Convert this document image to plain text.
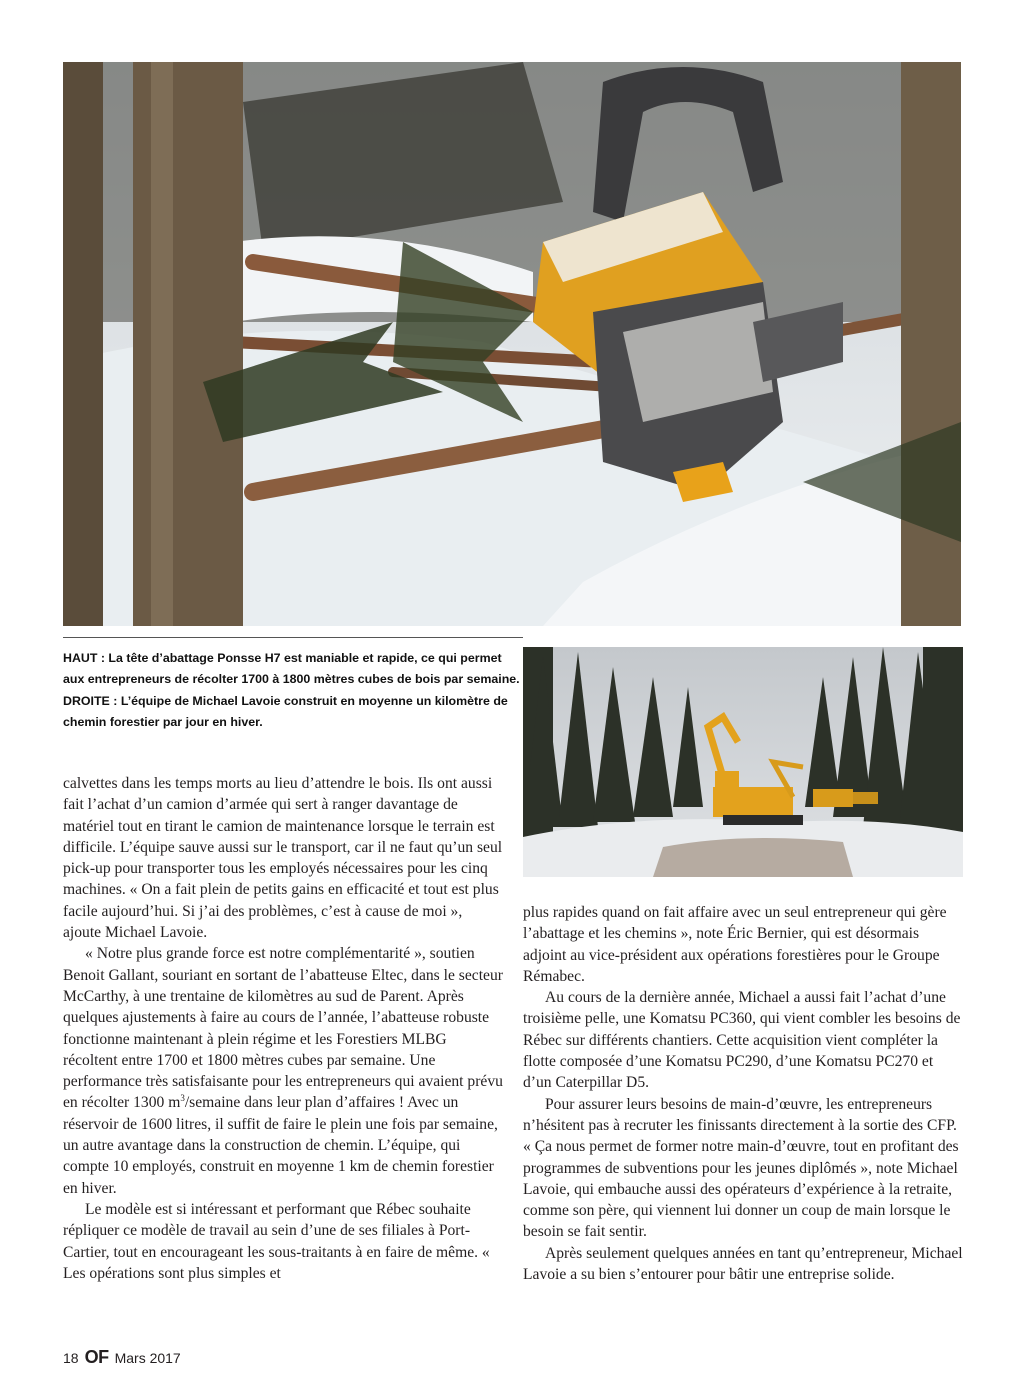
HAUT : La tête d’abattage Ponsse H7 est maniable et rapide, ce qui permet aux entrepreneurs de récolter 1700 à 1800 mètres cubes de bois par semaine.

DROITE : L’équipe de Michael Lavoie construit en moyenne un kilomètre de chemin forestier par jour en hiver.

calvettes dans les temps morts au lieu d’attendre le bois. Ils ont aussi fait l’achat d’un camion d’armée qui sert à ranger davantage de matériel tout en tirant le camion de maintenance lorsque le terrain est difficile. L’équipe sauve aussi sur le transport, car il ne faut qu’un seul pick-up pour transporter tous les employés nécessaires pour les cinq machines. « On a fait plein de petits gains en efficacité et tout est plus facile aujourd’hui. Si j’ai des problèmes, c’est à cause de moi », ajoute Michael Lavoie.

« Notre plus grande force est notre complémentarité », soutien Benoit Gallant, souriant en sortant de l’abatteuse Eltec, dans le secteur McCarthy, à une trentaine de kilomètres au sud de Parent. Après quelques ajustements à faire au cours de l’année, l’abatteuse robuste fonctionne maintenant à plein régime et les Forestiers MLBG récoltent entre 1700 et 1800 mètres cubes par semaine. Une performance très satisfaisante pour les entrepreneurs qui avaient prévu en récolter 1300 $m^3$/semaine dans leur plan d’affaires ! Avec un réservoir de 1600 litres, il suffit de faire le plein une fois par semaine, un autre avantage dans la construction de chemin. L’équipe, qui compte 10 employés, construit en moyenne 1 km de chemin forestier en hiver.

Le modèle est si intéressant et performant que Rébec souhaite répliquer ce modèle de travail au sein d’une de ses filiales à Port-Cartier, tout en encourageant les sous-traitants à en faire de même. « Les opérations sont plus simples et

plus rapides quand on fait affaire avec un seul entrepreneur qui gère l’abattage et les chemins », note Éric Bernier, qui est désormais adjoint au vice-président aux opérations forestières pour le Groupe Rémabec.

Au cours de la dernière année, Michael a aussi fait l’achat d’une troisième pelle, une Komatsu PC360, qui vient combler les besoins de Rébec sur différents chantiers. Cette acquisition vient compléter la flotte composée d’une Komatsu PC290, d’une Komatsu PC270 et d’un Caterpillar D5.

Pour assurer leurs besoins de main-d’œuvre, les entrepreneurs n’hésitent pas à recruter les finissants directement à la sortie des CFP. « Ça nous permet de former notre main-d’œuvre, tout en profitant des programmes de subventions pour les jeunes diplômés », note Michael Lavoie, qui embauche aussi des opérateurs d’expérience à la retraite, comme son père, qui viennent lui donner un coup de main lorsque le besoin se fait sentir.

Après seulement quelques années en tant qu’entrepreneur, Michael Lavoie a su bien s’entourer pour bâtir une entreprise solide.

18 OF Mars 2017
